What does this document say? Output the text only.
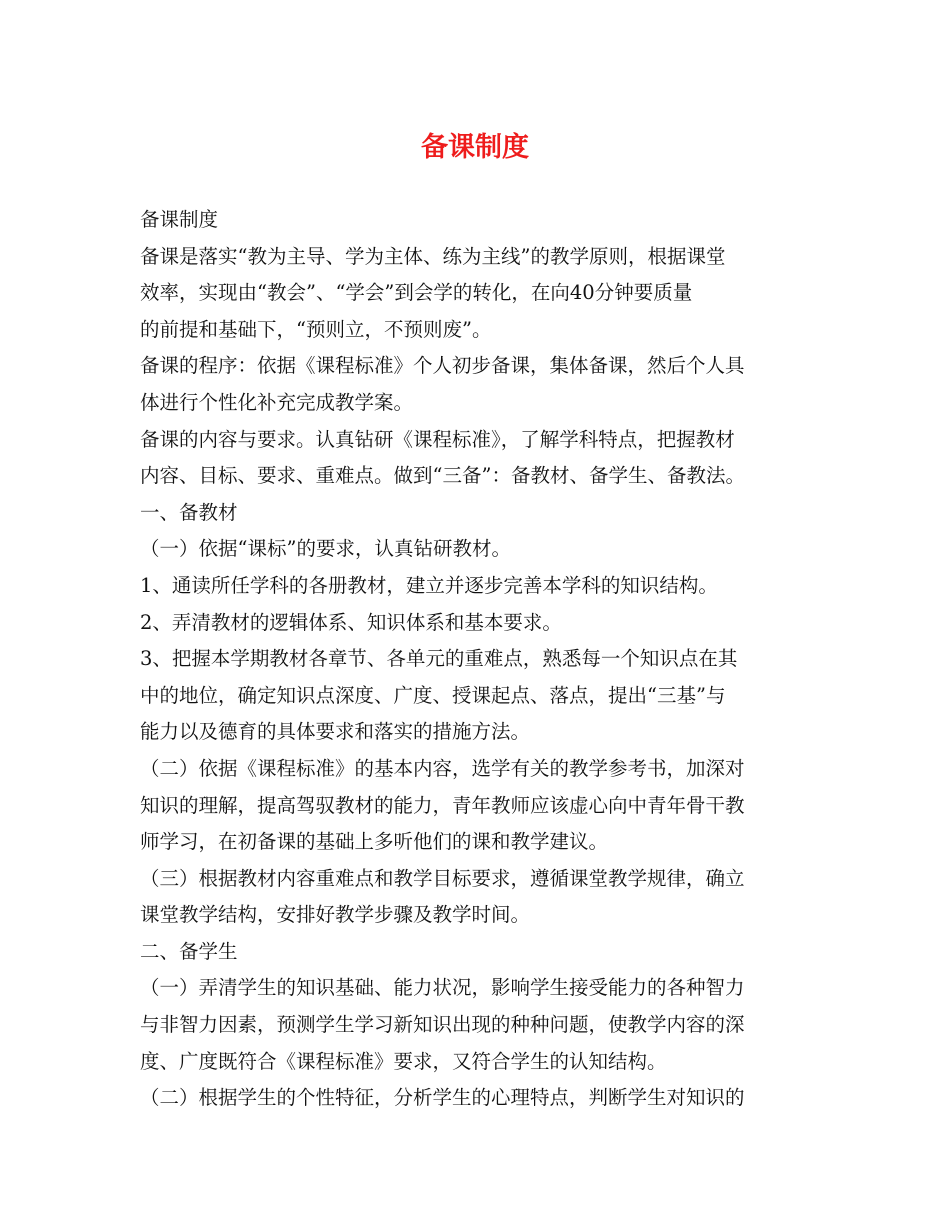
备课制度

备课制度

备课是落实“教为主导、学为主体、练为主线”的教学原则，根据课堂

效率，实现由“教会”、“学会”到会学的转化，在向40分钟要质量

的前提和基础下，“预则立，不预则废”。

备课的程序：依据《课程标准》个人初步备课，集体备课，然后个人具

体进行个性化补充完成教学案。

备课的内容与要求。认真钻研《课程标准》，了解学科特点，把握教材

内容、目标、要求、重难点。做到“三备”：备教材、备学生、备教法。

一、备教材

（一）依据“课标”的要求，认真钻研教材。

1、通读所任学科的各册教材，建立并逐步完善本学科的知识结构。

2、弄清教材的逻辑体系、知识体系和基本要求。

3、把握本学期教材各章节、各单元的重难点，熟悉每一个知识点在其

中的地位，确定知识点深度、广度、授课起点、落点，提出“三基”与

能力以及德育的具体要求和落实的措施方法。

（二）依据《课程标准》的基本内容，选学有关的教学参考书，加深对

知识的理解，提高驾驭教材的能力，青年教师应该虚心向中青年骨干教

师学习，在初备课的基础上多听他们的课和教学建议。

（三）根据教材内容重难点和教学目标要求，遵循课堂教学规律，确立

课堂教学结构，安排好教学步骤及教学时间。

二、备学生

（一）弄清学生的知识基础、能力状况，影响学生接受能力的各种智力

与非智力因素，预测学生学习新知识出现的种种问题，使教学内容的深

度、广度既符合《课程标准》要求，又符合学生的认知结构。

（二）根据学生的个性特征，分析学生的心理特点，判断学生对知识的
